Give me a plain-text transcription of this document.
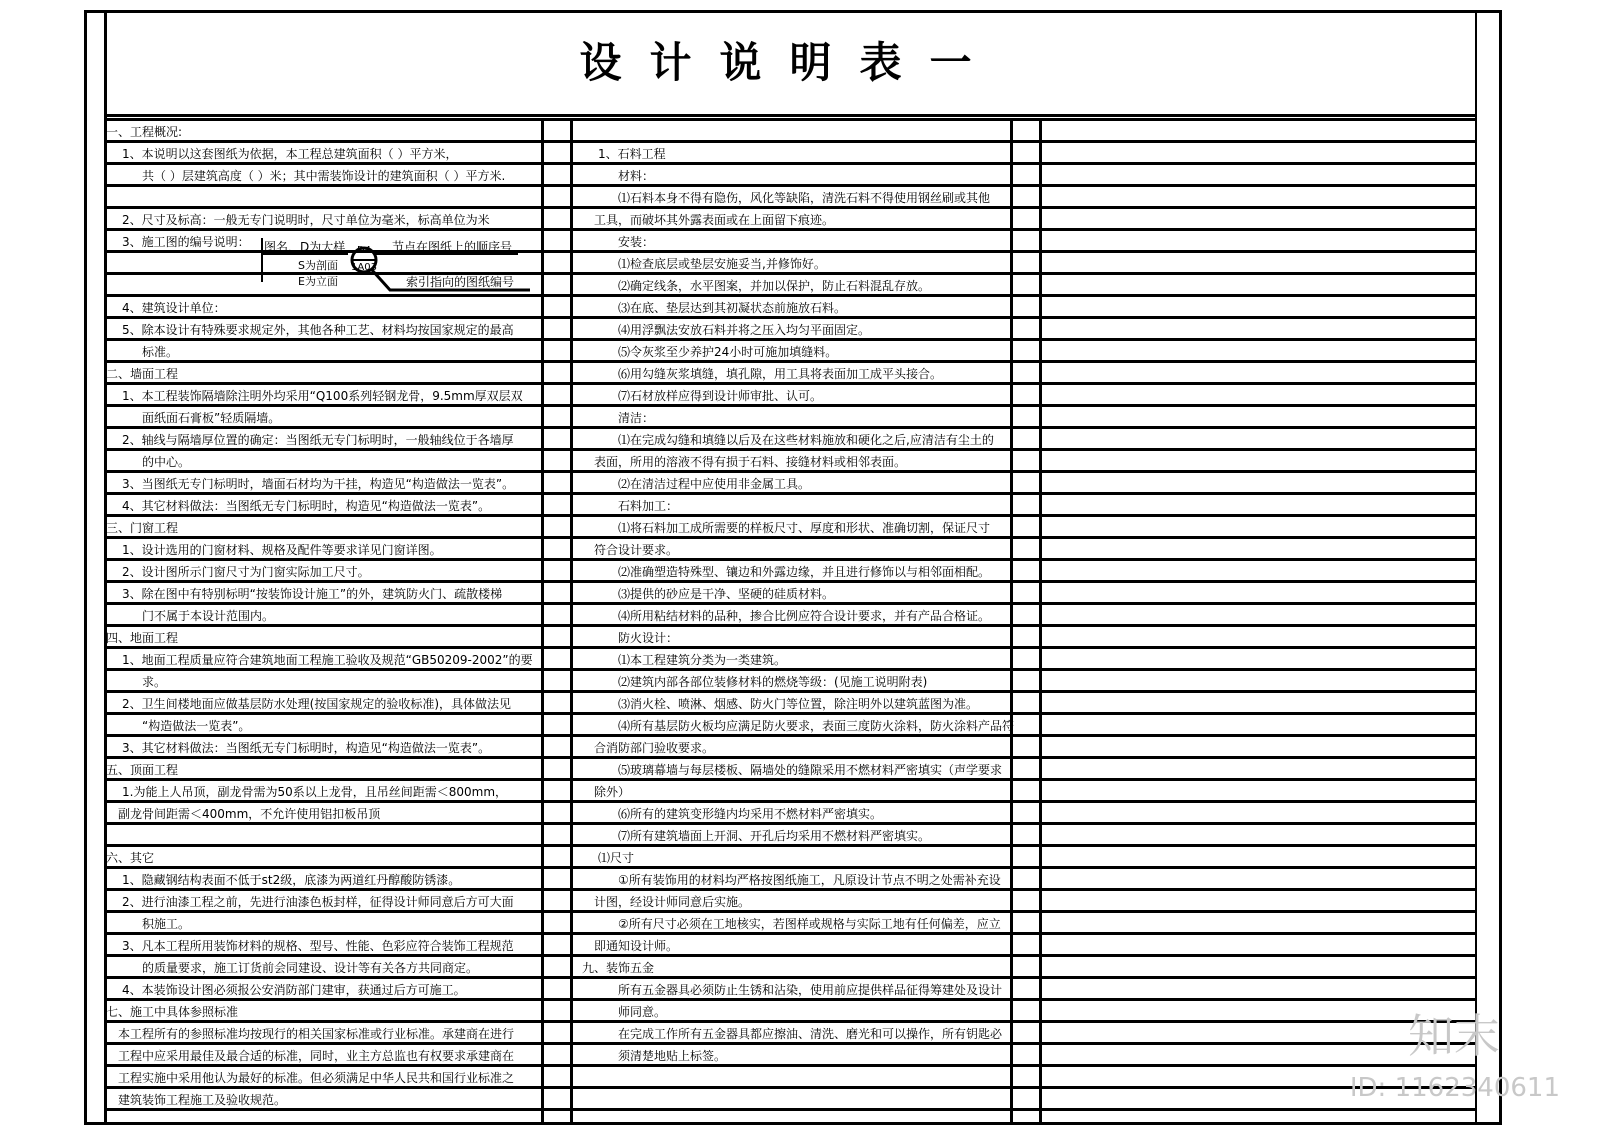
设计说明表一
一、工程概况:
1、本说明以这套图纸为依据，本工程总建筑面积（ ）平方米，
共（ ）层建筑高度（ ）米；其中需装饰设计的建筑面积（ ）平方米.
2、尺寸及标高：一般无专门说明时，尺寸单位为毫米，标高单位为米
3、施工图的编号说明：
4、建筑设计单位：
5、除本设计有特殊要求规定外，其他各种工艺、材料均按国家规定的最高
标准。
二、墙面工程
1、本工程装饰隔墙除注明外均采用“Q100系列轻钢龙骨，9.5mm厚双层双
面纸面石膏板”轻质隔墙。
2、轴线与隔墙厚位置的确定：当图纸无专门标明时，一般轴线位于各墙厚
的中心。
3、当图纸无专门标明时，墙面石材均为干挂，构造见“构造做法一览表”。
4、其它材料做法：当图纸无专门标明时，构造见“构造做法一览表”。
三、门窗工程
1、设计选用的门窗材料、规格及配件等要求详见门窗详图。
2、设计图所示门窗尺寸为门窗实际加工尺寸。
3、除在图中有特别标明“按装饰设计施工”的外，建筑防火门、疏散楼梯
门不属于本设计范围内。
四、地面工程
1、地面工程质量应符合建筑地面工程施工验收及规范“GB50209-2002”的要
求。
2、卫生间楼地面应做基层防水处理(按国家规定的验收标准)，具体做法见
“构造做法一览表”。
3、其它材料做法：当图纸无专门标明时，构造见“构造做法一览表”。
五、顶面工程
1.为能上人吊顶，副龙骨需为50系以上龙骨，且吊丝间距需＜800mm，
副龙骨间距需＜400mm，不允许使用铝扣板吊顶
六、其它
1、隐藏钢结构表面不低于st2级，底漆为两道红丹醇酸防锈漆。
2、进行油漆工程之前，先进行油漆色板封样，征得设计师同意后方可大面
积施工。
3、凡本工程所用装饰材料的规格、型号、性能、色彩应符合装饰工程规范
的质量要求，施工订货前会同建设、设计等有关各方共同商定。
4、本装饰设计图必须报公安消防部门建审，获通过后方可施工。
七、施工中具体参照标准
本工程所有的参照标准均按现行的相关国家标准或行业标准。承建商在进行
工程中应采用最佳及最合适的标准，同时，业主方总监也有权要求承建商在
工程实施中采用他认为最好的标准。但必须满足中华人民共和国行业标准之
建筑装饰工程施工及验收规范。
1、石料工程
材料：
⑴石料本身不得有隐伤，风化等缺陷，清洗石料不得使用钢丝刷或其他
工具，而破坏其外露表面或在上面留下痕迹。
安装：
⑴检查底层或垫层安施妥当,并修饰好。
⑵确定线条，水平图案，并加以保护，防止石料混乱存放。
⑶在底、垫层达到其初凝状态前施放石料。
⑷用浮飘法安放石料并将之压入均匀平面固定。
⑸令灰浆至少养护24小时可施加填缝料。
⑹用勾缝灰浆填缝，填孔隙，用工具将表面加工成平头接合。
⑺石材放样应得到设计师审批、认可。
清洁：
⑴在完成勾缝和填缝以后及在这些材料施放和硬化之后,应清洁有尘土的
表面，所用的溶液不得有损于石料、接缝材料或相邻表面。
⑵在清洁过程中应使用非金属工具。
石料加工：
⑴将石料加工成所需要的样板尺寸、厚度和形状、准确切割，保证尺寸
符合设计要求。
⑵准确塑造特殊型、镶边和外露边缘，并且进行修饰以与相邻面相配。
⑶提供的砂应是干净、坚硬的硅质材料。
⑷所用粘结材料的品种，掺合比例应符合设计要求，并有产品合格证。
防火设计：
⑴本工程建筑分类为一类建筑。
⑵建筑内部各部位装修材料的燃烧等级：(见施工说明附表)
⑶消火栓、喷淋、烟感、防火门等位置，除注明外以建筑蓝图为准。
⑷所有基层防火板均应满足防火要求，表面三度防火涂料，防火涂料产品符
合消防部门验收要求。
⑸玻璃幕墙与每层楼板、隔墙处的缝隙采用不燃材料严密填实（声学要求
除外）
⑹所有的建筑变形缝内均采用不燃材料严密填实。
⑺所有建筑墙面上开洞、开孔后均采用不燃材料严密填实。
⑴尺寸
①所有装饰用的材料均严格按图纸施工，凡原设计节点不明之处需补充设
计图，经设计师同意后实施。
②所有尺寸必须在工地核实，若图样或规格与实际工地有任何偏差，应立
即通知设计师。
九、装饰五金
所有五金器具必须防止生锈和沾染，使用前应提供样品征得筹建处及设计
师同意。
在完成工作所有五金器具都应擦油、清洗、磨光和可以操作，所有钥匙必
须清楚地贴上标签。
图名，D为大样
S为剖面
E为立面
D4
1A03
节点在图纸上的顺序号
索引指向的图纸编号
知末
ID: 1162340611
